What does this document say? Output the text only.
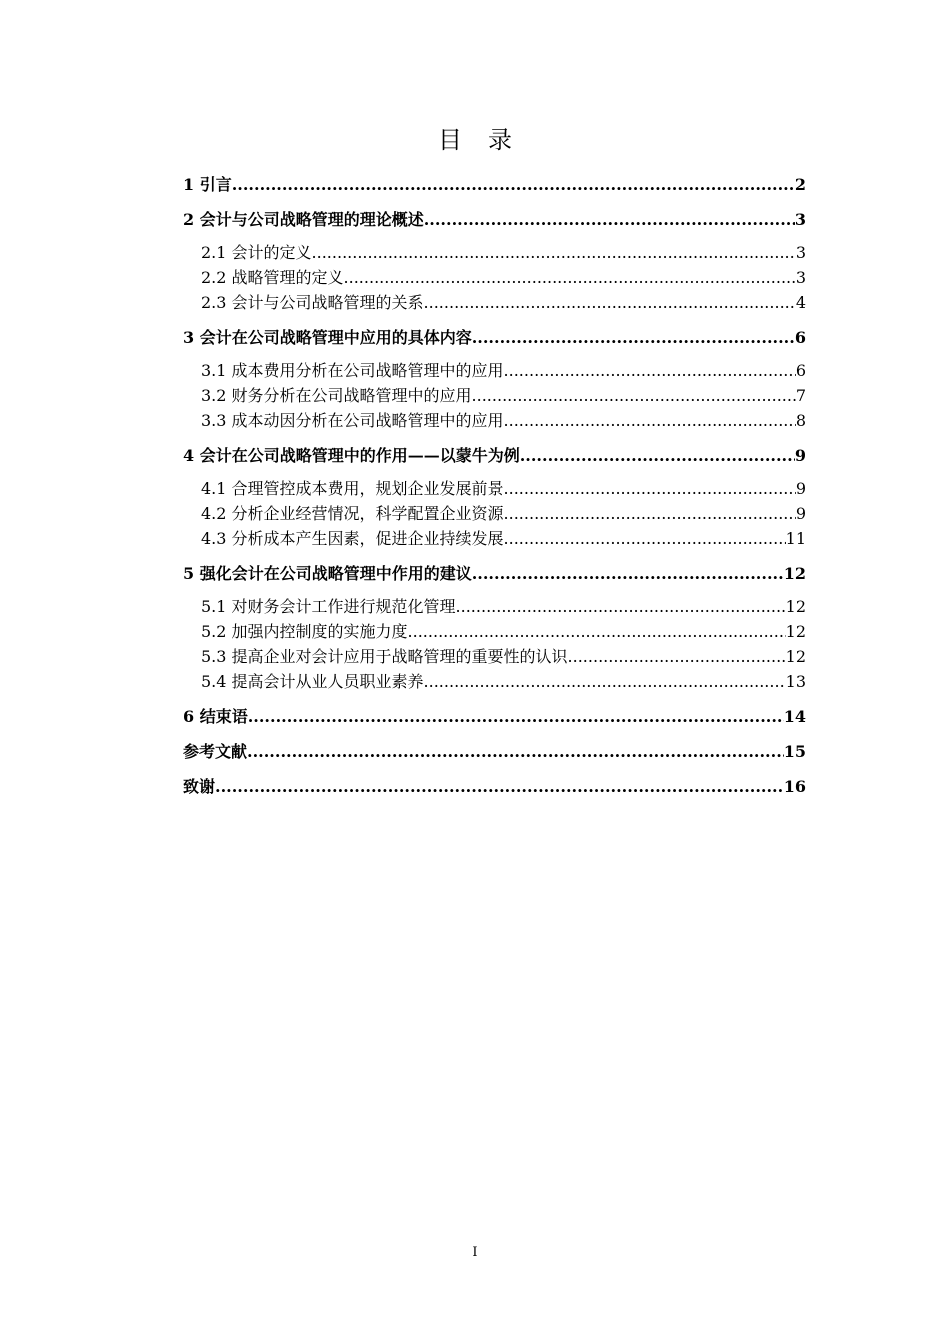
目 录
1 引言 .....	2
2 会计与公司战略管理的理论概述 .....	3
2.1 会计的定义 .....	3
2.2 战略管理的定义 .....	3
2.3 会计与公司战略管理的关系 .....	4
3 会计在公司战略管理中应用的具体内容 .....	6
3.1 成本费用分析在公司战略管理中的应用 .....	6
3.2 财务分析在公司战略管理中的应用 .....	7
3.3 成本动因分析在公司战略管理中的应用 .....	8
4 会计在公司战略管理中的作用——以蒙牛为例 .....	9
4.1 合理管控成本费用，规划企业发展前景 .....	9
4.2 分析企业经营情况，科学配置企业资源 .....	9
4.3 分析成本产生因素，促进企业持续发展 .....	11
5 强化会计在公司战略管理中作用的建议 .....	12
5.1 对财务会计工作进行规范化管理 .....	12
5.2 加强内控制度的实施力度 .....	12
5.3 提高企业对会计应用于战略管理的重要性的认识 .....	12
5.4 提高会计从业人员职业素养 .....	13
6 结束语 .....	14
参考文献 .....	15
致谢 .....	16
I
